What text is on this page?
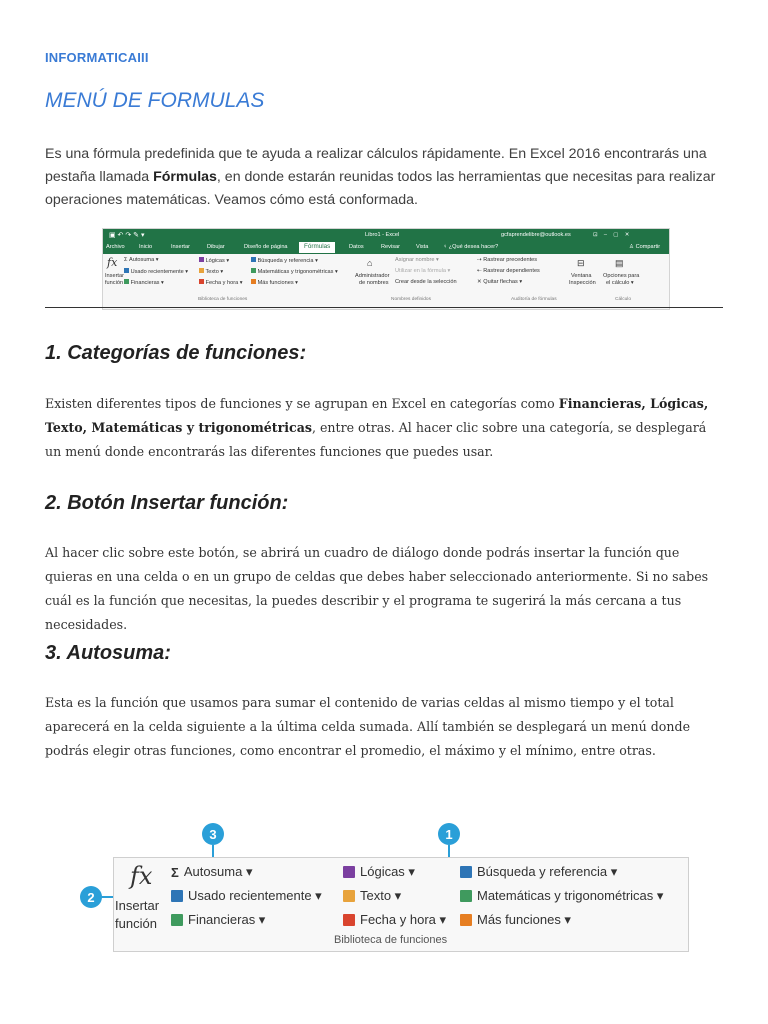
INFORMATICAIII
MENÚ DE FORMULAS
Es una fórmula predefinida que te ayuda a realizar cálculos rápidamente. En Excel 2016 encontrarás una pestaña llamada Fórmulas, en donde estarán reunidas todos las herramientas que necesitas para realizar operaciones matemáticas. Veamos cómo está conformada.
▣ ↶ ↷ ✎ ▾	Libro1 - Excel	gcfaprendelibre@outlook.es	⊡    –    ▢    ✕
Archivo	Inicio	Insertar	Dibujar	Diseño de página	Fórmulas	Datos	Revisar	Vista	♀ ¿Qué desea hacer?	♙ Compartir
fx
Insertar
función
Σ Autosuma ▾
Usado recientemente ▾
Financieras ▾
Lógicas ▾
Texto ▾
Fecha y hora ▾
Búsqueda y referencia ▾
Matemáticas y trigonométricas ▾
Más funciones ▾
Biblioteca de funciones
⌂
Administrador
de nombres
Asignar nombre ▾
Utilizar en la fórmula ▾
Crear desde la selección
Nombres definidos
⇢ Rastrear precedentes
⇠ Rastrear dependientes
✕ Quitar flechas ▾
Auditoría de fórmulas
⊟
Ventana
Inspección
▤
Opciones para
el cálculo ▾
Cálculo
1. Categorías de funciones:
Existen diferentes tipos de funciones y se agrupan en Excel en categorías como Financieras, Lógicas, Texto, Matemáticas y trigonométricas, entre otras. Al hacer clic sobre una categoría, se desplegará un menú donde encontrarás las diferentes funciones que puedes usar.
2. Botón Insertar función:
Al hacer clic sobre este botón, se abrirá un cuadro de diálogo donde podrás insertar la función que quieras en una celda o en un grupo de celdas que debes haber seleccionado anteriormente. Si no sabes cuál es la función que necesitas, la puedes describir y el programa te sugerirá la más cercana a tus necesidades.
3. Autosuma:
Esta es la función que usamos para sumar el contenido de varias celdas al mismo tiempo y el total aparecerá en la celda siguiente a la última celda sumada. Allí también se desplegará un menú donde podrás elegir otras funciones, como encontrar el promedio, el máximo y el mínimo, entre otras.
3	1
2
fx
Insertar
función
Σ Autosuma ▾
Usado recientemente ▾
Financieras ▾
Lógicas ▾
Texto ▾
Fecha y hora ▾
Búsqueda y referencia ▾
Matemáticas y trigonométricas ▾
Más funciones ▾
Biblioteca de funciones
